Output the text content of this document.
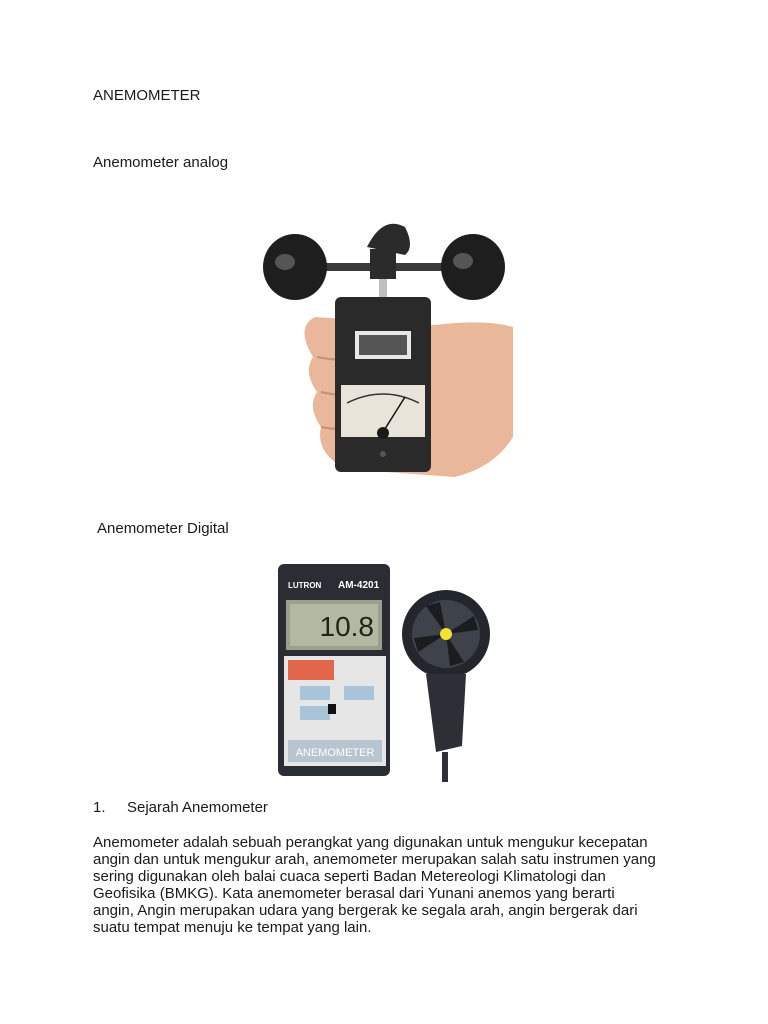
ANEMOMETER
Anemometer analog
Anemometer Digital
LUTRON AM-4201
10.8
ANEMOMETER
1. Sejarah Anemometer
Anemometer adalah sebuah perangkat yang digunakan untuk mengukur kecepatan
angin dan untuk mengukur arah, anemometer merupakan salah satu instrumen yang
sering digunakan oleh balai cuaca seperti Badan Metereologi Klimatologi dan
Geofisika (BMKG). Kata anemometer berasal dari Yunani anemos yang berarti
angin, Angin merupakan udara yang bergerak ke segala arah, angin bergerak dari
suatu tempat menuju ke tempat yang lain.
